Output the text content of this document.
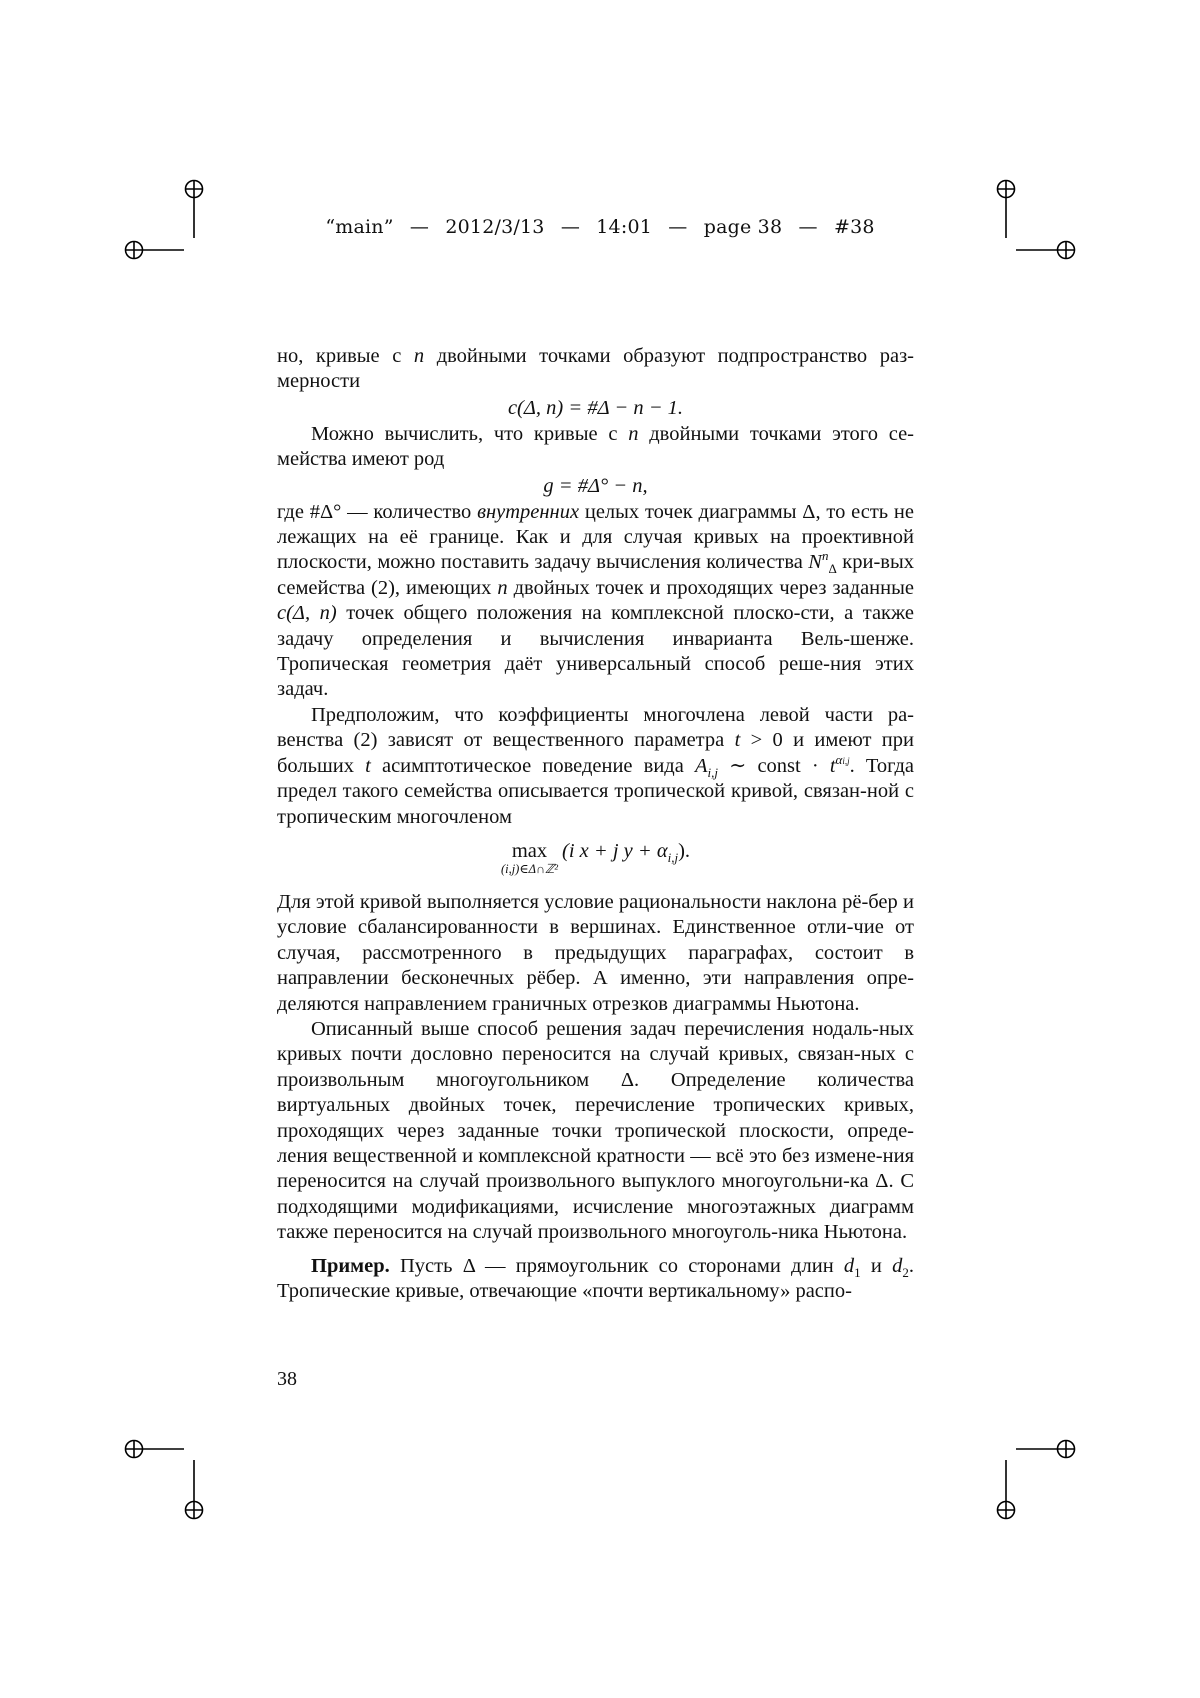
“main” — 2012/3/13 — 14:01 — page 38 — #38

но, кривые с n двойными точками образуют подпространство раз-мерности

c(Δ, n) = #Δ − n − 1.

Можно вычислить, что кривые с n двойными точками этого се-мейства имеют род

g = #Δ° − n,

где #Δ° — количество внутренних целых точек диаграммы Δ, то есть не лежащих на её границе. Как и для случая кривых на проективной плоскости, можно поставить задачу вычисления количества NnΔ кри-вых семейства (2), имеющих n двойных точек и проходящих через заданные c(Δ, n) точек общего положения на комплексной плоско-сти, а также задачу определения и вычисления инварианта Вель-шенже. Тропическая геометрия даёт универсальный способ реше-ния этих задач.

Предположим, что коэффициенты многочлена левой части ра-венства (2) зависят от вещественного параметра t > 0 и имеют при больших t асимптотическое поведение вида Ai,j ∼ const · tαi,j. Тогда предел такого семейства описывается тропической кривой, связан-ной с тропическим многочленом

max
(i,j)∈Δ∩ℤ²
(i x + j y + αi,j).

Для этой кривой выполняется условие рациональности наклона рё-бер и условие сбалансированности в вершинах. Единственное отли-чие от случая, рассмотренного в предыдущих параграфах, состоит в направлении бесконечных рёбер. А именно, эти направления опре-деляются направлением граничных отрезков диаграммы Ньютона.

Описанный выше способ решения задач перечисления нодаль-ных кривых почти дословно переносится на случай кривых, связан-ных с произвольным многоугольником Δ. Определение количества виртуальных двойных точек, перечисление тропических кривых, проходящих через заданные точки тропической плоскости, опреде-ления вещественной и комплексной кратности — всё это без измене-ния переносится на случай произвольного выпуклого многоугольни-ка Δ. С подходящими модификациями, исчисление многоэтажных диаграмм также переносится на случай произвольного многоуголь-ника Ньютона.

Пример. Пусть Δ — прямоугольник со сторонами длин d1 и d2. Тропические кривые, отвечающие «почти вертикальному» распо-

38
